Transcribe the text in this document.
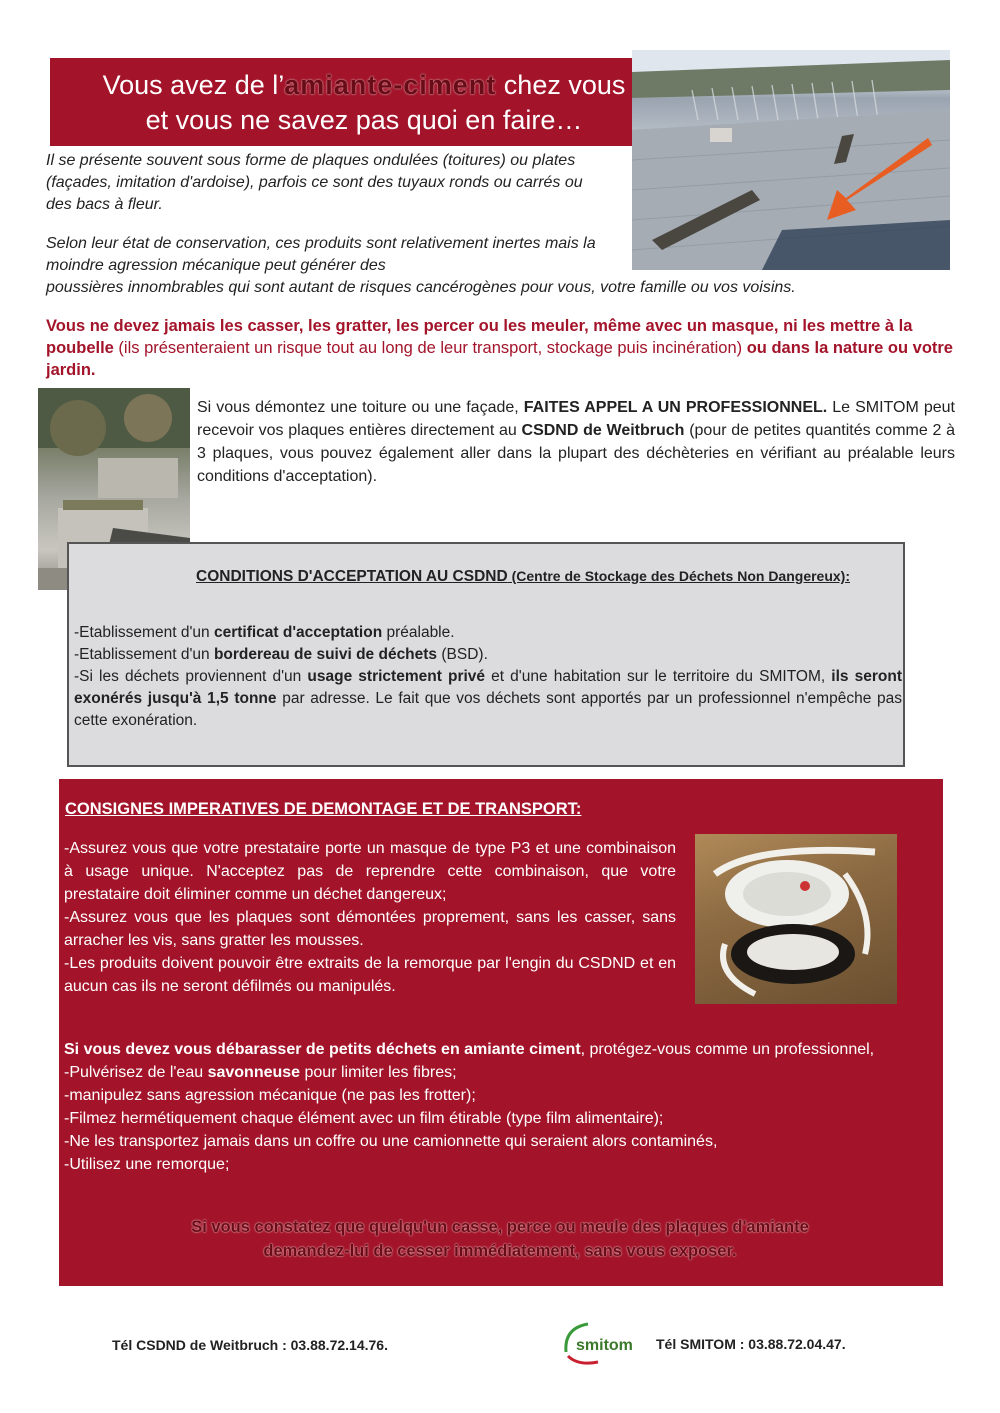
Vous avez de l’amiante-ciment chez vous
et vous ne savez pas quoi en faire…
Il se présente souvent sous forme de plaques ondulées (toitures) ou plates (façades, imitation d'ardoise), parfois ce sont des tuyaux ronds ou carrés ou des bacs à fleur.
Selon leur état de conservation, ces produits sont relativement inertes mais la moindre agression mécanique peut générer des
poussières innombrables qui sont autant de risques cancérogènes pour vous, votre famille ou vos voisins.
Vous ne devez jamais les casser, les gratter, les percer ou les meuler, même avec un masque, ni les mettre à la poubelle (ils présenteraient un risque tout au long de leur transport, stockage puis incinération) ou dans la nature ou votre jardin.
Si vous démontez une toiture ou une façade, FAITES APPEL A UN PROFESSIONNEL. Le SMITOM peut recevoir vos plaques entières directement au CSDND de Weitbruch (pour de petites quantités comme 2 à 3 plaques, vous pouvez également aller dans la plupart des déchèteries en vérifiant au préalable leurs conditions d'acceptation).
CONDITIONS D'ACCEPTATION AU CSDND (Centre de Stockage des Déchets Non Dangereux):

-Etablissement d'un certificat d'acceptation préalable.

-Etablissement d'un bordereau de suivi de déchets (BSD).

-Si les déchets proviennent d'un usage strictement privé et d'une habitation sur le territoire du SMITOM, ils seront exonérés jusqu'à 1,5 tonne par adresse. Le fait que vos déchets sont apportés par un professionnel n'empêche pas cette exonération.

CONSIGNES IMPERATIVES DE DEMONTAGE ET DE TRANSPORT:

-Assurez vous que votre prestataire porte un masque de type P3 et une combinaison à usage unique. N'acceptez pas de reprendre cette combinaison, que votre prestataire doit éliminer comme un déchet dangereux;

-Assurez vous que les plaques sont démontées proprement, sans les casser, sans arracher les vis, sans gratter les mousses.

-Les produits doivent pouvoir être extraits de la remorque par l'engin du CSDND et en aucun cas ils ne seront défilmés ou manipulés.

Si vous devez vous débarasser de petits déchets en amiante ciment, protégez-vous comme un professionnel,

-Pulvérisez de l'eau savonneuse pour limiter les fibres;

-manipulez sans agression mécanique (ne pas les frotter);

-Filmez hermétiquement chaque élément avec un film étirable (type film alimentaire);

-Ne les transportez jamais dans un coffre ou une camionnette qui seraient alors contaminés,

-Utilisez une remorque;

Si vous constatez que quelqu'un casse, perce ou meule des plaques d'amiante
demandez-lui de cesser immédiatement, sans vous exposer.
Tél CSDND de Weitbruch : 03.88.72.14.76.	smitom Tél SMITOM : 03.88.72.04.47.
